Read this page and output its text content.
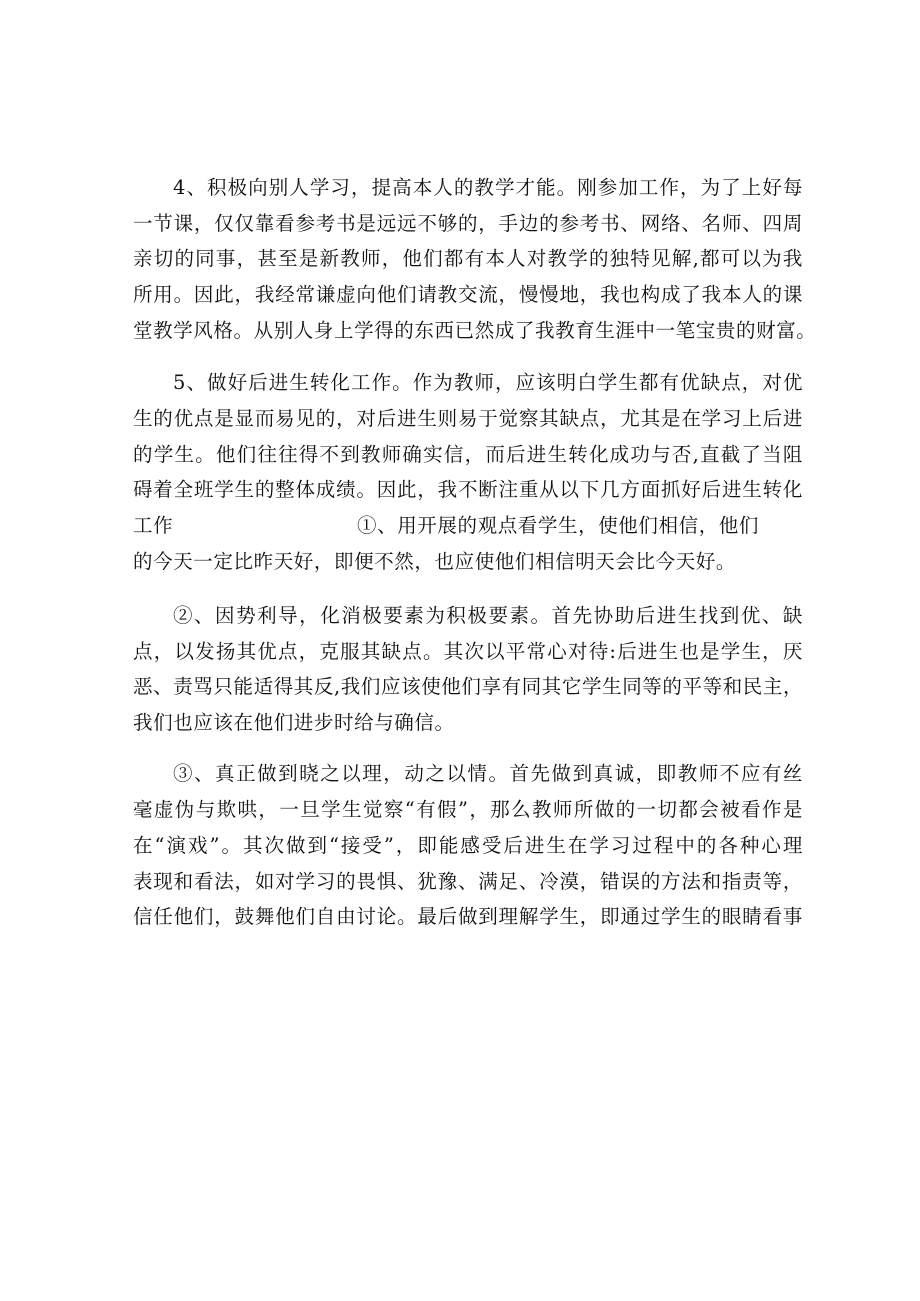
4、积极向别人学习，提高本人的教学才能。刚参加工作，为了上好每
一节课，仅仅靠看参考书是远远不够的，手边的参考书、网络、名师、四周
亲切的同事，甚至是新教师，他们都有本人对教学的独特见解,都可以为我
所用。因此，我经常谦虚向他们请教交流，慢慢地，我也构成了我本人的课
堂教学风格。从别人身上学得的东西已然成了我教育生涯中一笔宝贵的财富。
5、做好后进生转化工作。作为教师，应该明白学生都有优缺点，对优
生的优点是显而易见的，对后进生则易于觉察其缺点，尤其是在学习上后进
的学生。他们往往得不到教师确实信，而后进生转化成功与否,直截了当阻
碍着全班学生的整体成绩。因此，我不断注重从以下几方面抓好后进生转化
工作	①、用开展的观点看学生，使他们相信，他们
的今天一定比昨天好，即便不然，也应使他们相信明天会比今天好。
②、因势利导，化消极要素为积极要素。首先协助后进生找到优、缺
点，以发扬其优点，克服其缺点。其次以平常心对待:后进生也是学生，厌
恶、责骂只能适得其反,我们应该使他们享有同其它学生同等的平等和民主，
我们也应该在他们进步时给与确信。
③、真正做到晓之以理，动之以情。首先做到真诚，即教师不应有丝
毫虚伪与欺哄，一旦学生觉察“有假”，那么教师所做的一切都会被看作是
在“演戏”。其次做到“接受”，即能感受后进生在学习过程中的各种心理
表现和看法，如对学习的畏惧、犹豫、满足、冷漠，错误的方法和指责等，
信任他们，鼓舞他们自由讨论。最后做到理解学生，即通过学生的眼睛看事
